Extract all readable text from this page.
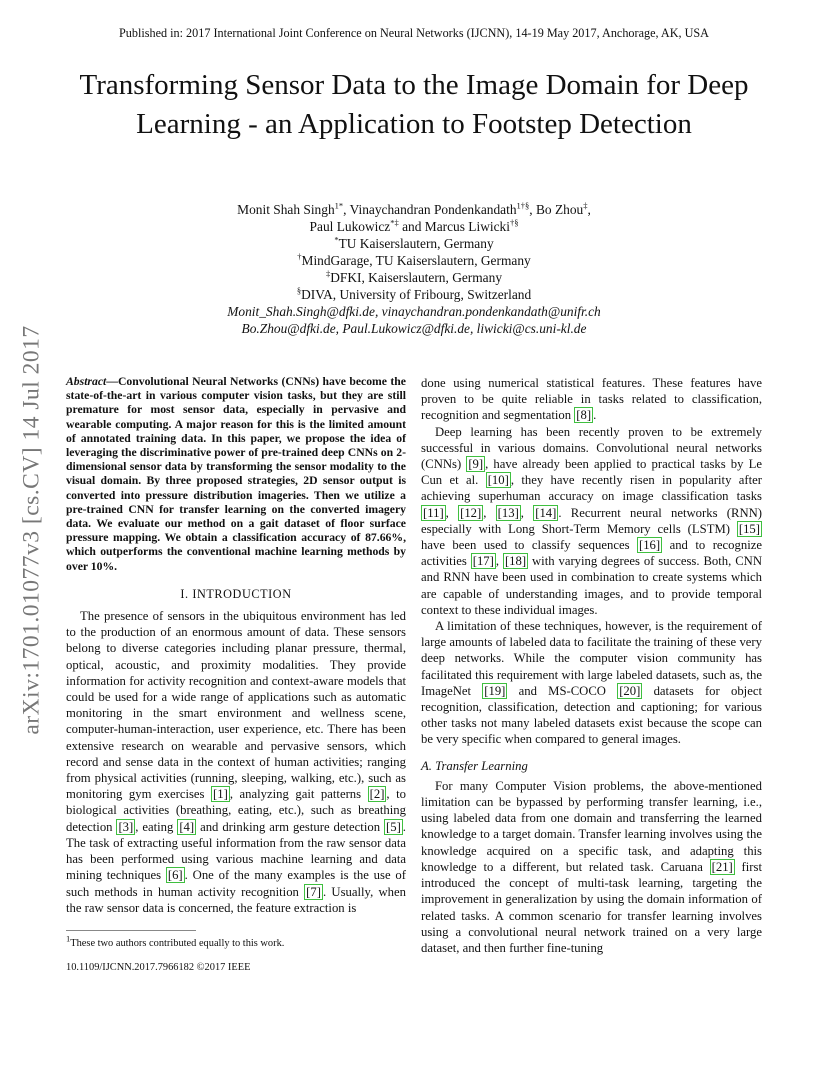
Published in: 2017 International Joint Conference on Neural Networks (IJCNN), 14-19 May 2017, Anchorage, AK, USA
Transforming Sensor Data to the Image Domain for Deep Learning - an Application to Footstep Detection
Monit Shah Singh$^{1*}$, Vinaychandran Pondenkandath$^{1\dagger\S}$, Bo Zhou‡,
Paul Lukowicz*‡ and Marcus Liwicki†§
*TU Kaiserslautern, Germany
†MindGarage, TU Kaiserslautern, Germany
‡DFKI, Kaiserslautern, Germany
§DIVA, University of Fribourg, Switzerland
Monit_Shah.Singh@dfki.de, vinaychandran.pondenkandath@unifr.ch
Bo.Zhou@dfki.de, Paul.Lukowicz@dfki.de, liwicki@cs.uni-kl.de
arXiv:1701.01077v3 [cs.CV] 14 Jul 2017 Abstract—Convolutional Neural Networks (CNNs) have become the state-of-the-art in various computer vision tasks, but they are still premature for most sensor data, especially in pervasive and wearable computing. A major reason for this is the limited amount of annotated training data. In this paper, we propose the idea of leveraging the discriminative power of pre-trained deep CNNs on 2-dimensional sensor data by transforming the sensor modality to the visual domain. By three proposed strategies, 2D sensor output is converted into pressure distribution imageries. Then we utilize a pre-trained CNN for transfer learning on the converted imagery data. We evaluate our method on a gait dataset of floor surface pressure mapping. We obtain a classification accuracy of 87.66%, which outperforms the conventional machine learning methods by over 10%.
I. INTRODUCTION

The presence of sensors in the ubiquitous environment has led to the production of an enormous amount of data. These sensors belong to diverse categories including planar pressure, thermal, optical, acoustic, and proximity modalities. They provide information for activity recognition and context-aware models that could be used for a wide range of applications such as automatic monitoring in the smart environment and wellness scene, computer-human-interaction, user experience, etc. There has been extensive research on wearable and pervasive sensors, which record and sense data in the context of human activities; ranging from physical activities (running, sleeping, walking, etc.), such as monitoring gym exercises [1] , analyzing gait patterns [2] , to biological activities (breathing, eating, etc.), such as breathing detection [3] , eating [4] and drinking arm gesture detection [5] . The task of extracting useful information from the raw sensor data has been performed using various machine learning and data mining techniques [6] . One of the many examples is the use of such methods in human activity recognition [7] . Usually, when the raw sensor data is concerned, the feature extraction is

$^1$These two authors contributed equally to this work.
10.1109/IJCNN.2017.7966182 ©2017 IEEE

done using numerical statistical features. These features have proven to be quite reliable in tasks related to classification, recognition and segmentation [8] .

Deep learning has been recently proven to be extremely successful in various domains. Convolutional neural networks (CNNs) [9] , have already been applied to practical tasks by Le Cun et al. [10] , they have recently risen in popularity after achieving superhuman accuracy on image classification tasks [11] , [12] , [13] , [14] . Recurrent neural networks (RNN) especially with Long Short-Term Memory cells (LSTM) [15] have been used to classify sequences [16] and to recognize activities [17] , [18] with varying degrees of success. Both, CNN and RNN have been used in combination to create systems which are capable of understanding images, and to provide temporal context to these individual images.

A limitation of these techniques, however, is the requirement of large amounts of labeled data to facilitate the training of these very deep networks. While the computer vision community has facilitated this requirement with large labeled datasets, such as, the ImageNet [19] and MS-COCO [20] datasets for object recognition, classification, detection and captioning; for various other tasks not many labeled datasets exist because the scope can be very specific when compared to general images.

A. Transfer Learning

For many Computer Vision problems, the above-mentioned limitation can be bypassed by performing transfer learning, i.e., using labeled data from one domain and transferring the learned knowledge to a target domain. Transfer learning involves using the knowledge acquired on a specific task, and adapting this knowledge to a different, but related task. Caruana [21] first introduced the concept of multi-task learning, targeting the improvement in generalization by using the domain information of related tasks. A common scenario for transfer learning involves using a convolutional neural network trained on a very large dataset, and then further fine-tuning
